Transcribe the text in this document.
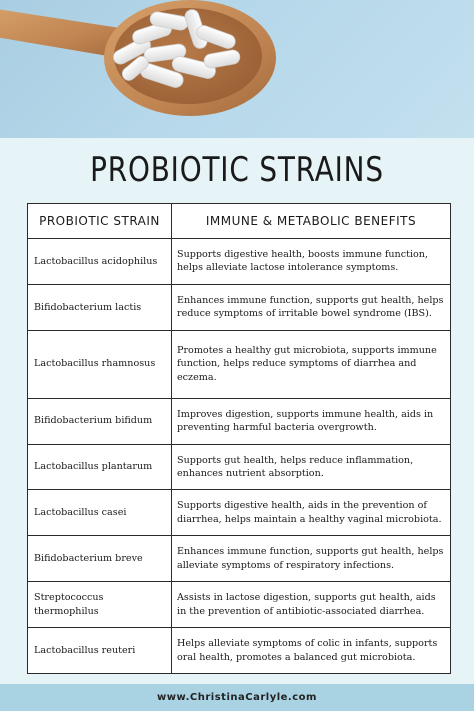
PROBIOTIC STRAINS
PROBIOTIC STRAIN	IMMUNE & METABOLIC BENEFITS
Lactobacillus acidophilus	Supports digestive health, boosts immune function, helps alleviate lactose intolerance symptoms.
Bifidobacterium lactis	Enhances immune function, supports gut health, helps reduce symptoms of irritable bowel syndrome (IBS).
Lactobacillus rhamnosus	Promotes a healthy gut microbiota, supports immune function, helps reduce symptoms of diarrhea and eczema.
Bifidobacterium bifidum	Improves digestion, supports immune health, aids in preventing harmful bacteria overgrowth.
Lactobacillus plantarum	Supports gut health, helps reduce inflammation, enhances nutrient absorption.
Lactobacillus casei	Supports digestive health, aids in the prevention of diarrhea, helps maintain a healthy vaginal microbiota.
Bifidobacterium breve	Enhances immune function, supports gut health, helps alleviate symptoms of respiratory infections.
Streptococcus thermophilus	Assists in lactose digestion, supports gut health, aids in the prevention of antibiotic-associated diarrhea.
Lactobacillus reuteri	Helps alleviate symptoms of colic in infants, supports oral health, promotes a balanced gut microbiota.
www.ChristinaCarlyle.com
